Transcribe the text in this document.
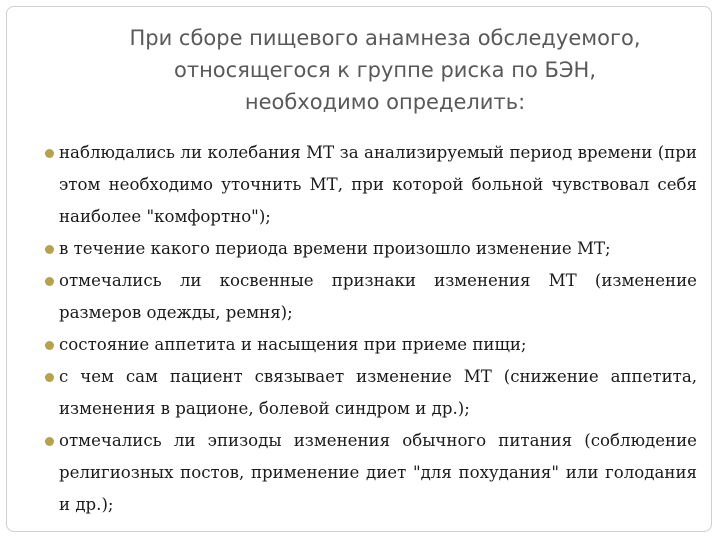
При сборе пищевого анамнеза обследуемого,
относящегося к группе риска по БЭН,
необходимо определить:
наблюдались ли колебания МТ за анализируемый период времени (при этом необходимо уточнить МТ, при которой больной чувствовал себя наиболее "комфортно");
в течение какого периода времени произошло изменение МТ;
отмечались ли косвенные признаки изменения МТ (изменение размеров одежды, ремня);
состояние аппетита и насыщения при приеме пищи;
с чем сам пациент связывает изменение МТ (снижение аппетита, изменения в рационе, болевой синдром и др.);
отмечались ли эпизоды изменения обычного питания (соблюдение религиозных постов, применение диет "для похудания" или голодания и др.);
